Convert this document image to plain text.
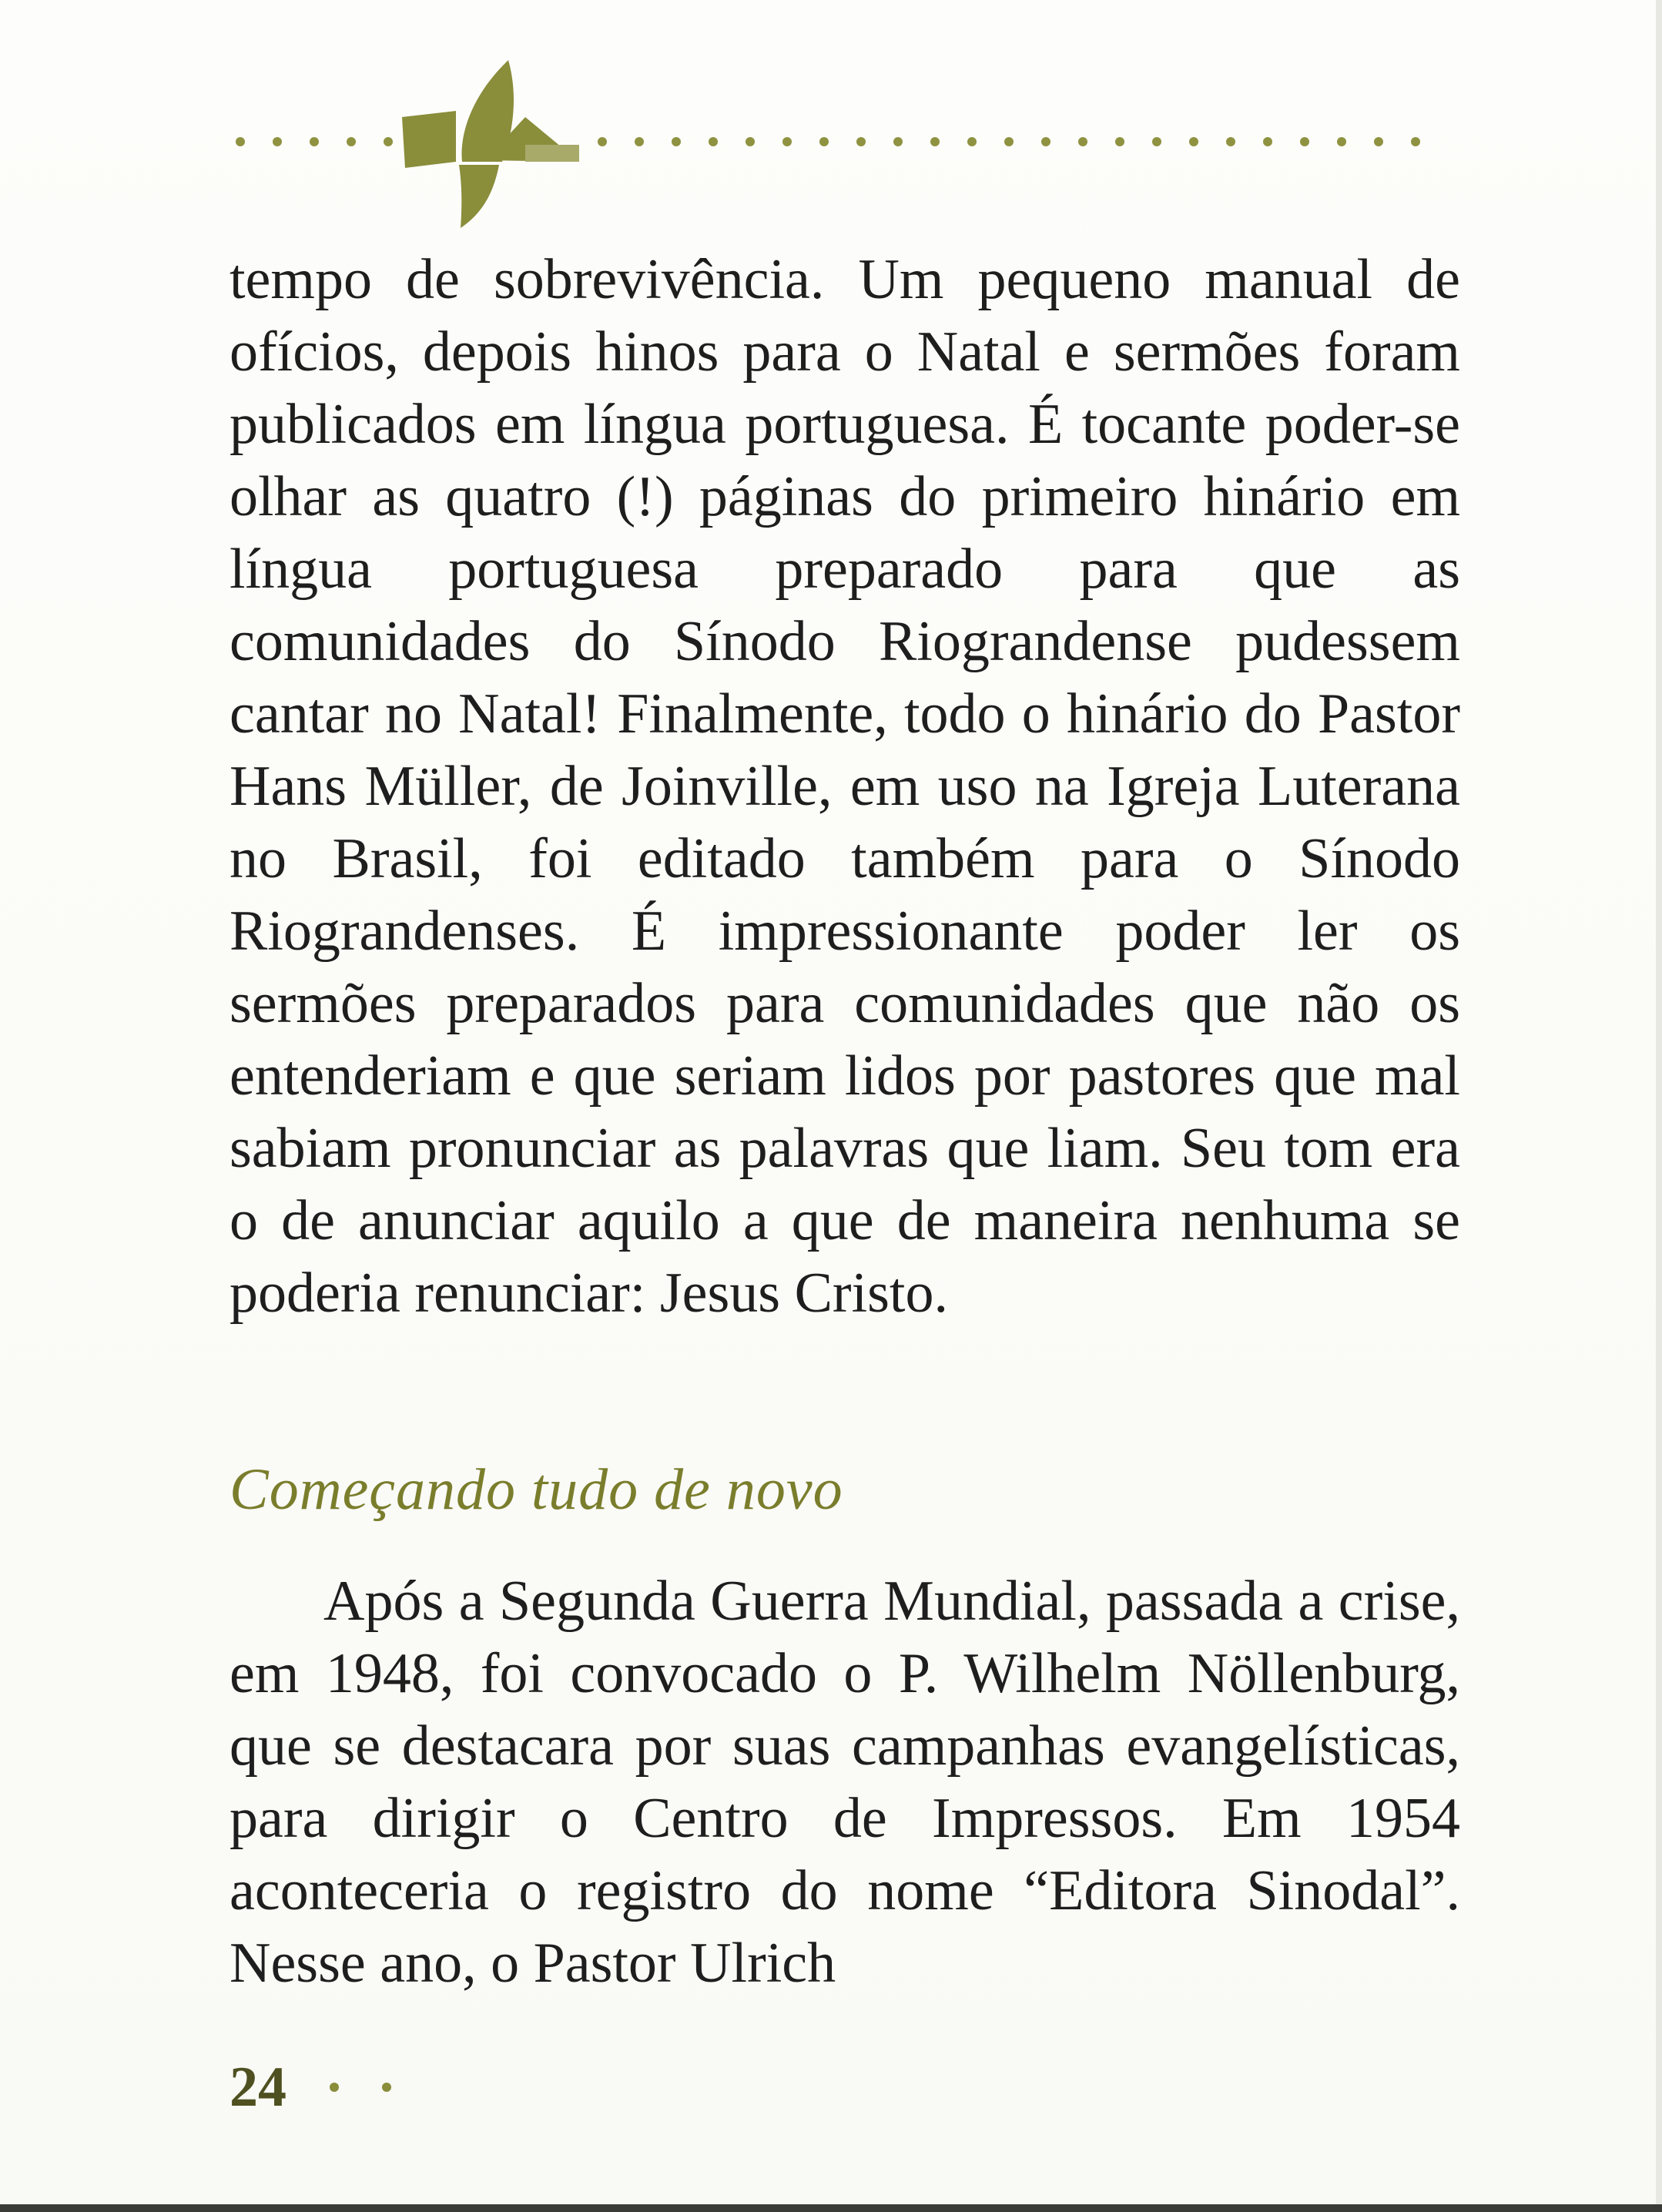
tempo de sobrevivência. Um pequeno manual de ofícios, depois hinos para o Natal e sermões foram publicados em língua portuguesa. É tocante poder-se olhar as quatro (!) páginas do primeiro hinário em língua portuguesa preparado para que as comunidades do Sínodo Riograndense pudessem cantar no Natal! Finalmente, todo o hinário do Pastor Hans Müller, de Joinville, em uso na Igreja Luterana no Brasil, foi editado também para o Sínodo Riograndenses. É impressionante poder ler os sermões preparados para comunidades que não os entenderiam e que seriam lidos por pastores que mal sabiam pronunciar as palavras que liam. Seu tom era o de anunciar aquilo a que de maneira nenhuma se poderia renunciar: Jesus Cristo.

Começando tudo de novo

Após a Segunda Guerra Mundial, passada a crise, em 1948, foi convocado o P. Wilhelm Nöllenburg, que se destacara por suas campanhas evangelísticas, para dirigir o Centro de Impressos. Em 1954 aconteceria o registro do nome “Editora Sinodal”. Nesse ano, o Pastor Ulrich

24
